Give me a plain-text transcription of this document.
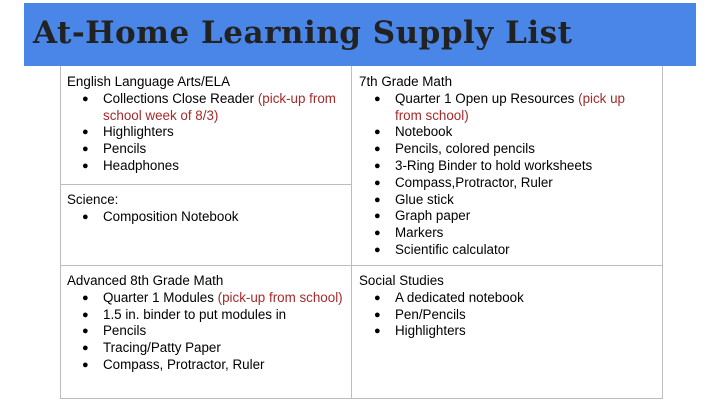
At-Home Learning Supply List
English Language Arts/ELA
● Collections Close Reader (pick-up from school week of 8/3)
● Highlighters
● Pencils
● Headphones
Science:
● Composition Notebook
7th Grade Math
● Quarter 1 Open up Resources (pick up from school)
● Notebook
● Pencils, colored pencils
● 3-Ring Binder to hold worksheets
● Compass,Protractor, Ruler
● Glue stick
● Graph paper
● Markers
● Scientific calculator
Advanced 8th Grade Math
● Quarter 1 Modules (pick-up from school)
● 1.5 in. binder to put modules in
● Pencils
● Tracing/Patty Paper
● Compass, Protractor, Ruler
Social Studies
● A dedicated notebook
● Pen/Pencils
● Highlighters
